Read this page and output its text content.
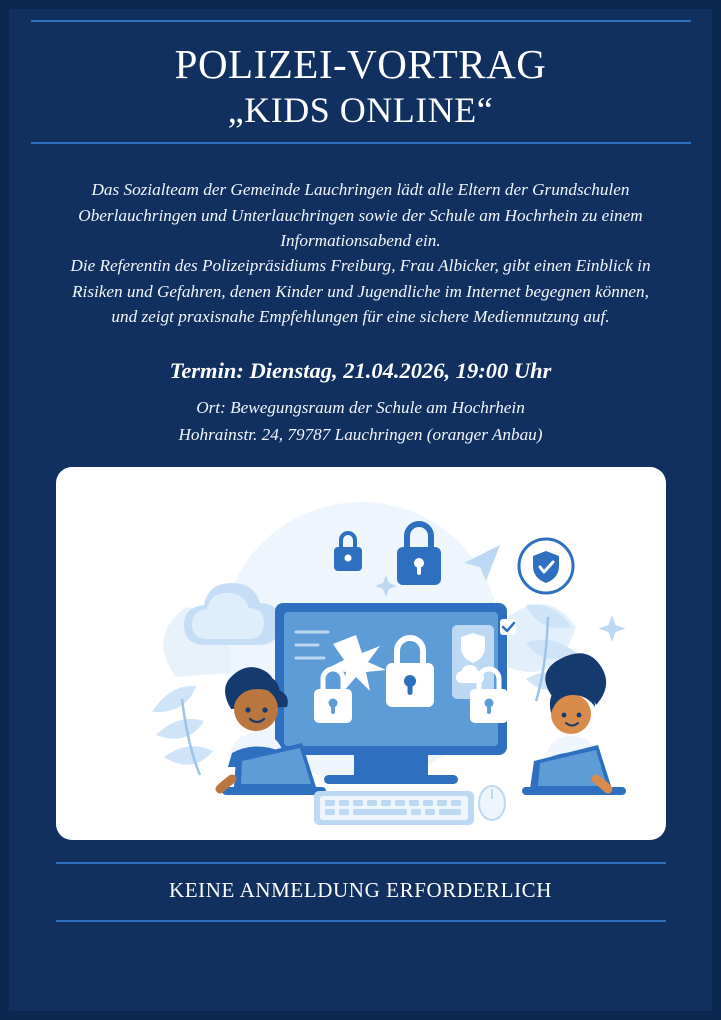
POLIZEI-VORTRAG
„KIDS ONLINE“

Das Sozialteam der Gemeinde Lauchringen lädt alle Eltern der Grundschulen

Oberlauchringen und Unterlauchringen sowie der Schule am Hochrhein zu einem

Informationsabend ein.

Die Referentin des Polizeipräsidiums Freiburg, Frau Albicker, gibt einen Einblick in

Risiken und Gefahren, denen Kinder und Jugendliche im Internet begegnen können,

und zeigt praxisnahe Empfehlungen für eine sichere Mediennutzung auf.

Termin: Dienstag, 21.04.2026, 19:00 Uhr
Ort: Bewegungsraum der Schule am Hochrhein
Hohrainstr. 24, 79787 Lauchringen (oranger Anbau)
KEINE ANMELDUNG ERFORDERLICH
